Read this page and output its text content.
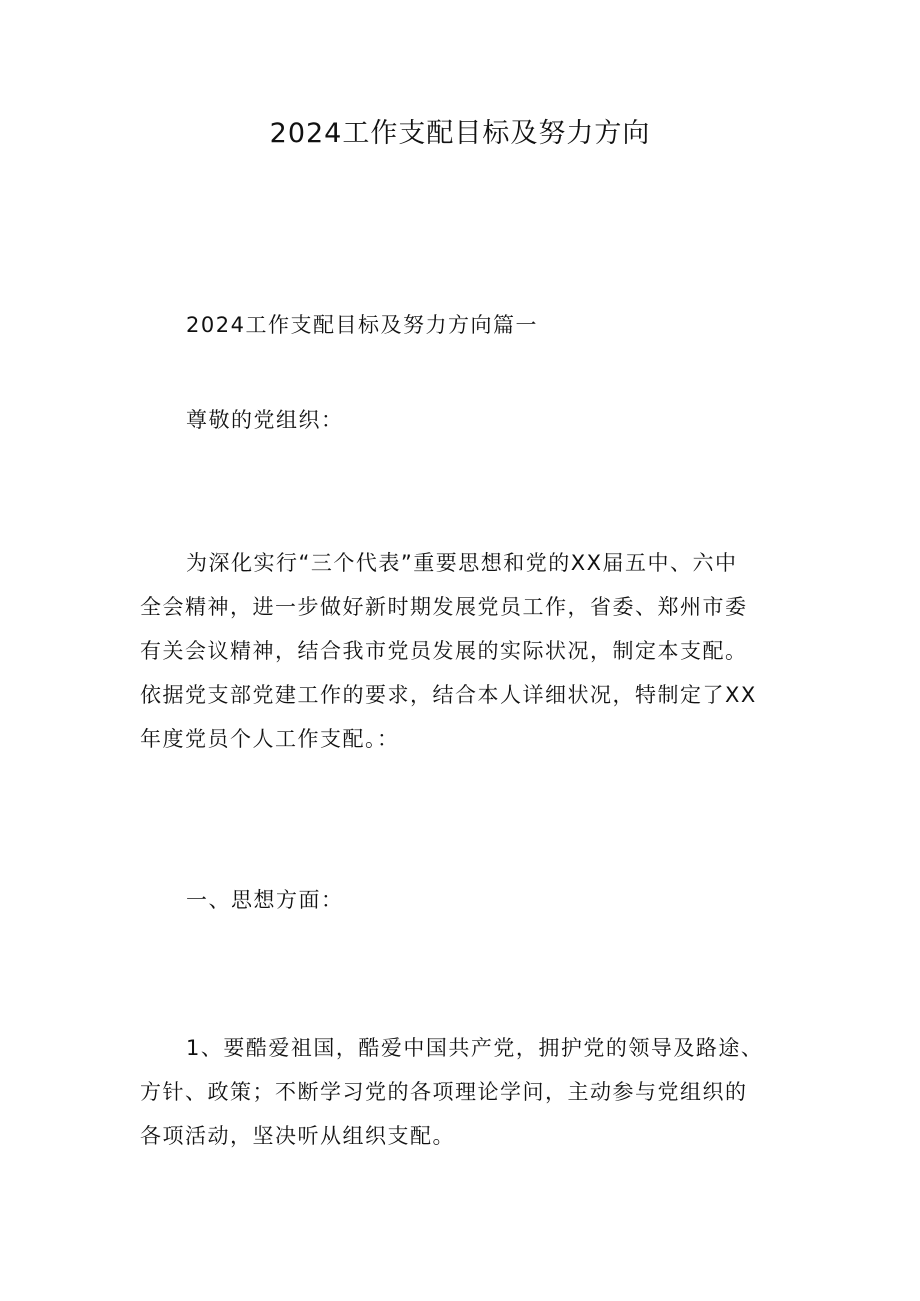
2024工作支配目标及努力方向
2024工作支配目标及努力方向篇一
尊敬的党组织：
为深化实行“三个代表”重要思想和党的XX届五中、六中
全会精神，进一步做好新时期发展党员工作，省委、郑州市委
有关会议精神，结合我市党员发展的实际状况，制定本支配。
依据党支部党建工作的要求，结合本人详细状况，特制定了XX
年度党员个人工作支配。：
一、思想方面：
1、要酷爱祖国，酷爱中国共产党，拥护党的领导及路途、
方针、政策；不断学习党的各项理论学问，主动参与党组织的
各项活动，坚决听从组织支配。
